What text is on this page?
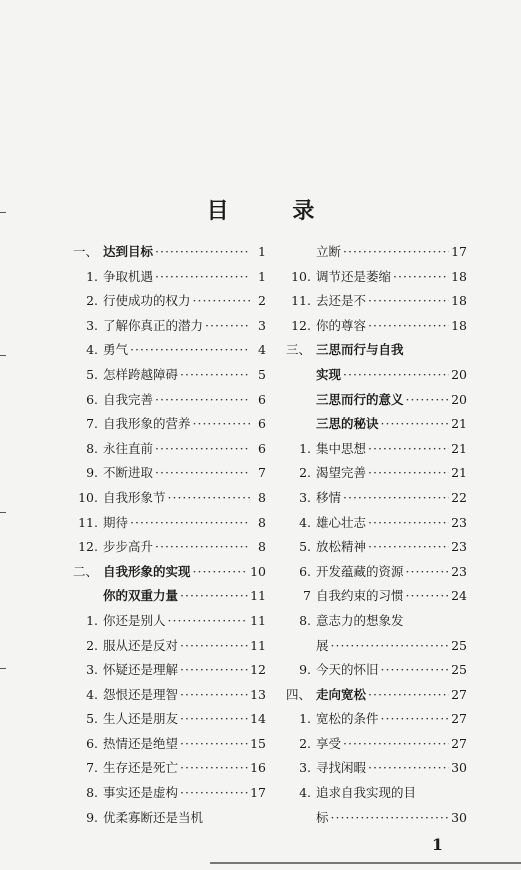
目 录
一、 达到目标 ·····	1
1. 争取机遇 ·····	1
2. 行使成功的权力 ·····	2
3. 了解你真正的潜力 ·····	3
4. 勇气 ·····	4
5. 怎样跨越障碍 ·····	5
6. 自我完善 ·····	6
7. 自我形象的营养 ·····	6
8. 永往直前 ·····	6
9. 不断进取 ·····	7
10. 自我形象节 ·····	8
11. 期待 ·····	8
12. 步步高升 ·····	8
二、 自我形象的实现 ·····	10
你的双重力量 ·····	11
1. 你还是别人 ·····	11
2. 服从还是反对 ·····	11
3. 怀疑还是理解 ·····	12
4. 怨恨还是理智 ·····	13
5. 生人还是朋友 ·····	14
6. 热情还是绝望 ·····	15
7. 生存还是死亡 ·····	16
8. 事实还是虚构 ·····	17
9. 优柔寡断还是当机
立断 ·····	17
10. 调节还是萎缩 ·····	18
11. 去还是不 ·····	18
12. 你的尊容 ·····	18
三、 三思而行与自我
实现 ·····	20
三思而行的意义 ·····	20
三思的秘诀 ·····	21
1. 集中思想 ·····	21
2. 渴望完善 ·····	21
3. 移情 ·····	22
4. 雄心壮志 ·····	23
5. 放松精神 ·····	23
6. 开发蕴藏的资源 ·····	23
7 自我约束的习惯 ·····	24
8. 意志力的想象发
展 ·····	25
9. 今天的怀旧 ·····	25
四、 走向宽松 ·····	27
1. 宽松的条件 ·····	27
2. 享受 ·····	27
3. 寻找闲暇 ·····	30
4. 追求自我实现的目
标 ·····	30
1
